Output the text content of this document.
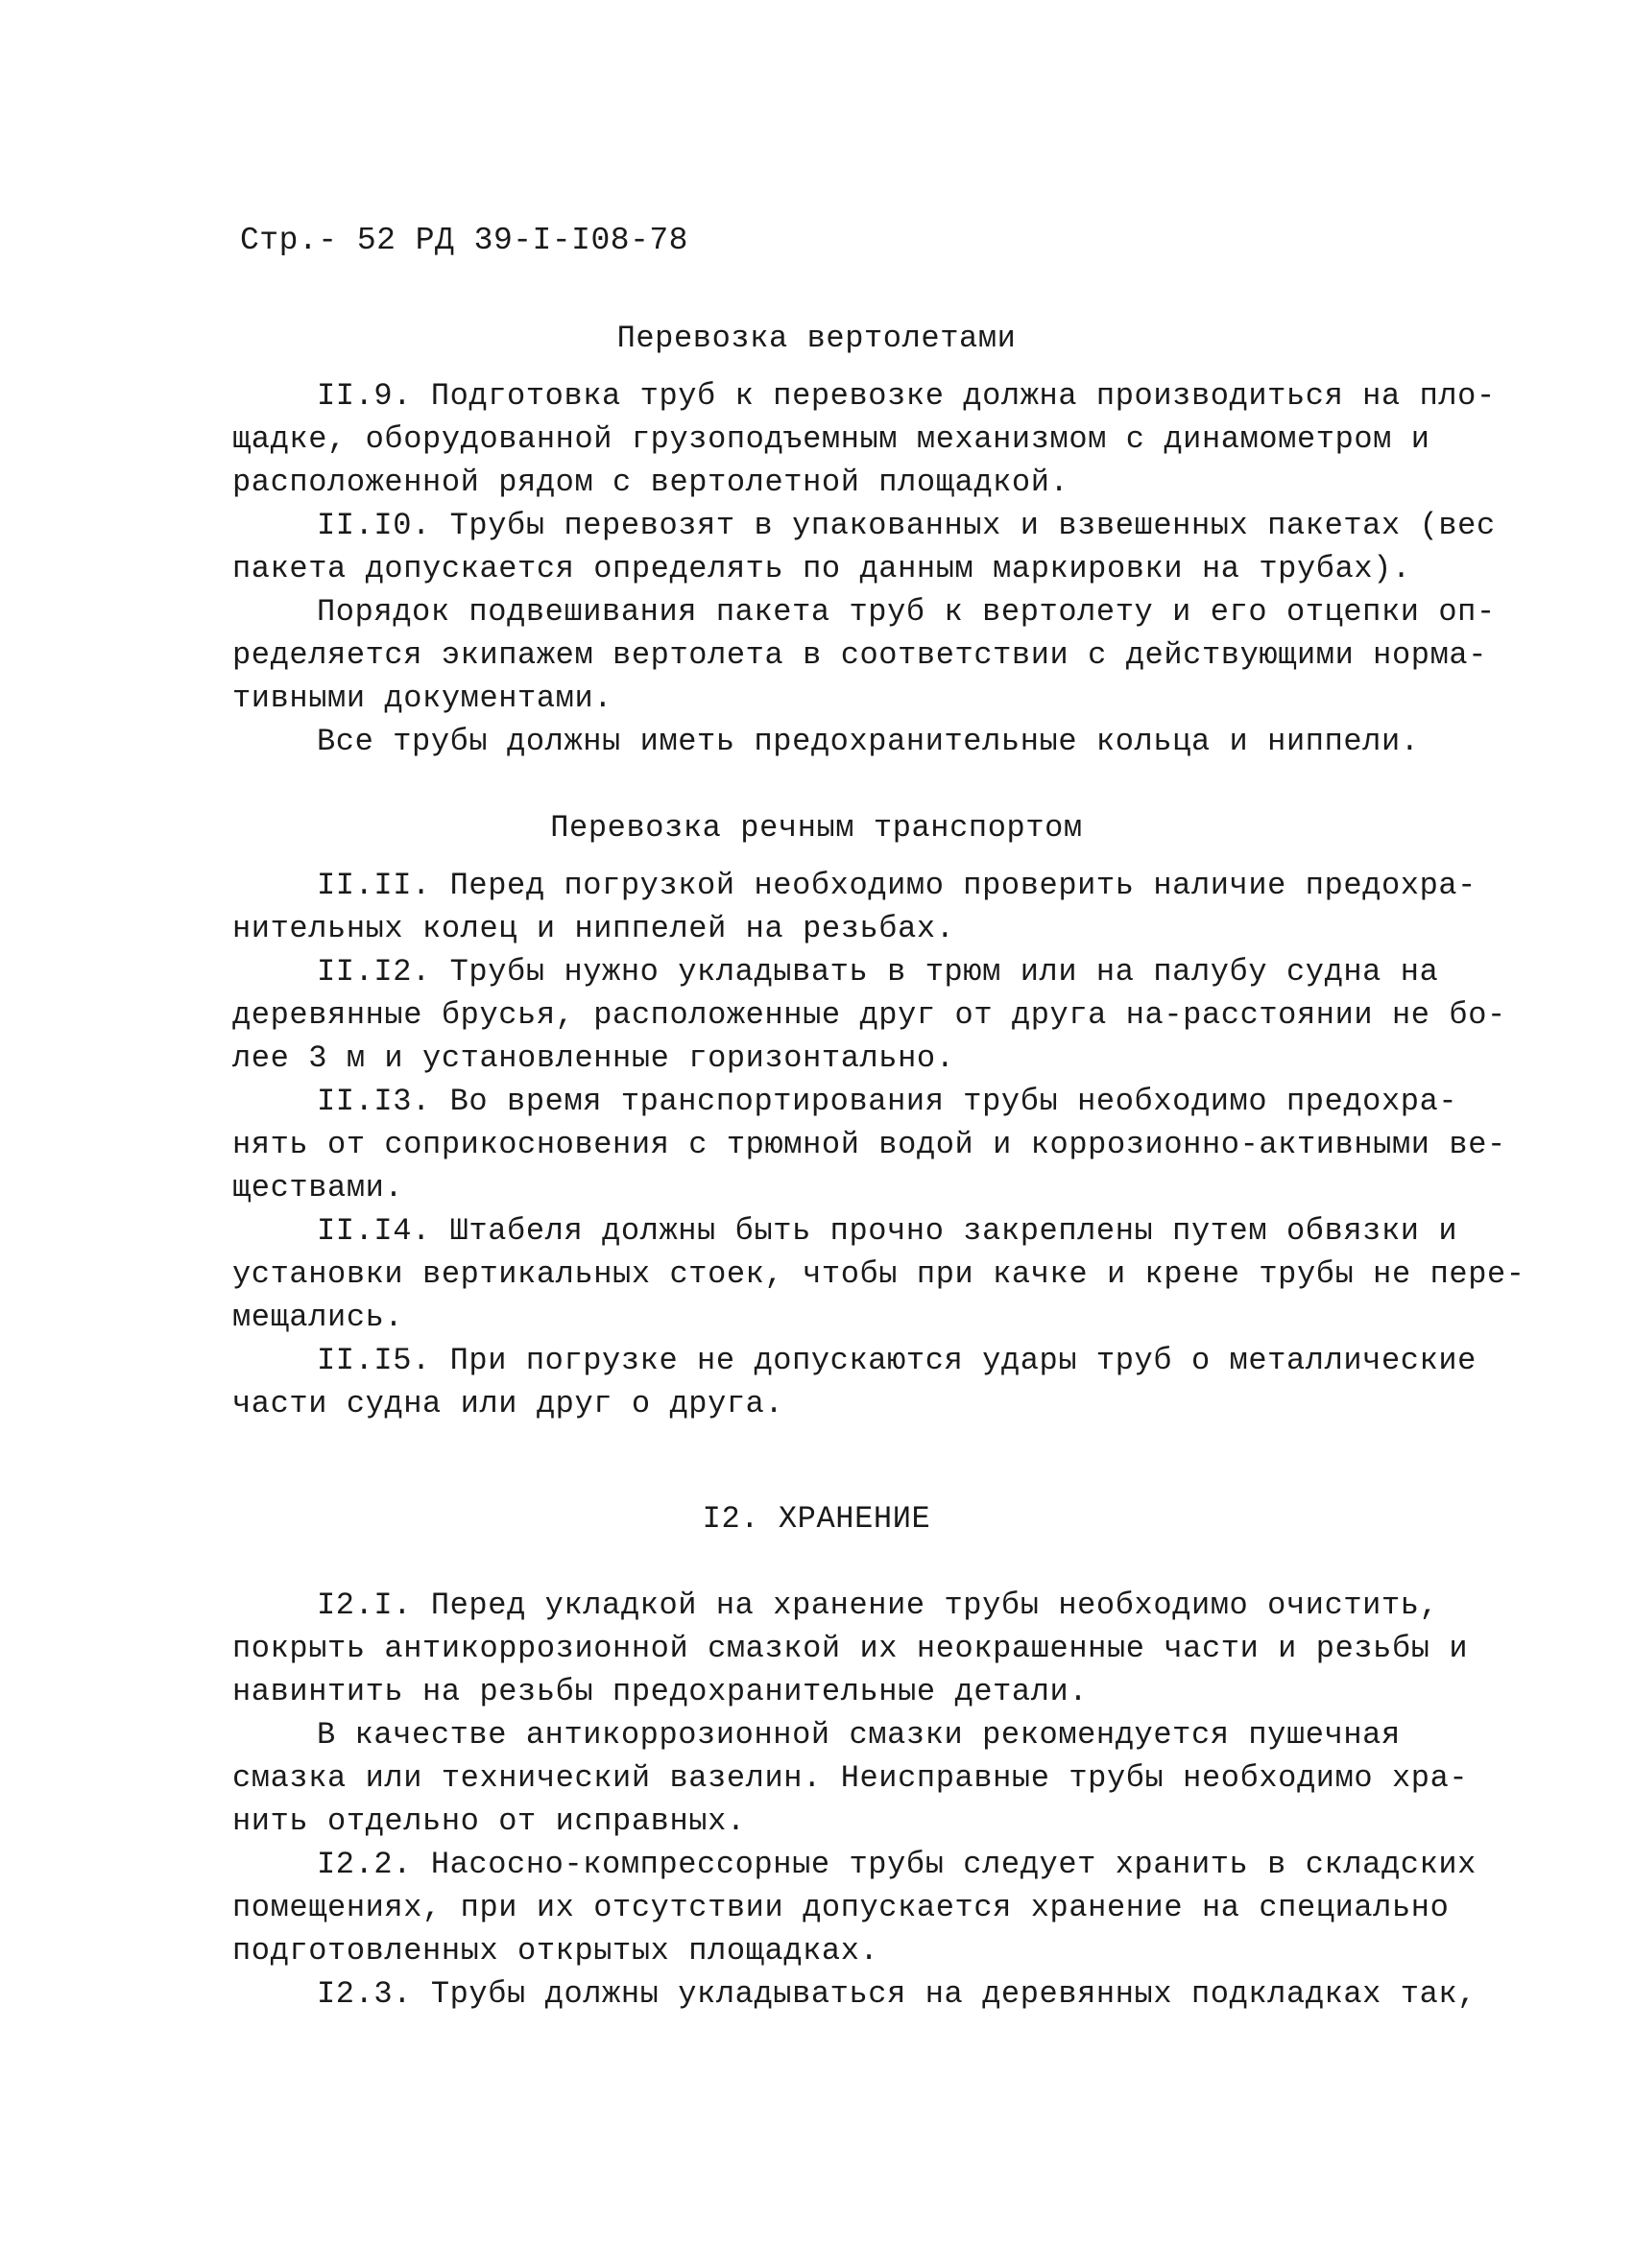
Стр.- 52 РД 39-I-I08-78
Перевозка вертолетами
II.9. Подготовка труб к перевозке должна производиться на пло-
щадке, оборудованной грузоподъемным механизмом с динамометром и
расположенной рядом с вертолетной площадкой.
II.I0. Трубы перевозят в упакованных и взвешенных пакетах (вес
пакета допускается определять по данным маркировки на трубах).
Порядок подвешивания пакета труб к вертолету и его отцепки оп-
ределяется экипажем вертолета в соответствии с действующими норма-
тивными документами.
Все трубы должны иметь предохранительные кольца и ниппели.
Перевозка речным транспортом
II.II. Перед погрузкой необходимо проверить наличие предохра-
нительных колец и ниппелей на резьбах.
II.I2. Трубы нужно укладывать в трюм или на палубу судна на
деревянные брусья, расположенные друг от друга на-расстоянии не бо-
лее 3 м и установленные горизонтально.
II.I3. Во время транспортирования трубы необходимо предохра-
нять от соприкосновения с трюмной водой и коррозионно-активными ве-
ществами.
II.I4. Штабеля должны быть прочно закреплены путем обвязки и
установки вертикальных стоек, чтобы при качке и крене трубы не пере-
мещались.
II.I5. При погрузке не допускаются удары труб о металлические
части судна или друг о друга.
I2. ХРАНЕНИЕ
I2.I. Перед укладкой на хранение трубы необходимо очистить,
покрыть антикоррозионной смазкой их неокрашенные части и резьбы и
навинтить на резьбы предохранительные детали.
В качестве антикоррозионной смазки рекомендуется пушечная
смазка или технический вазелин. Неисправные трубы необходимо хра-
нить отдельно от исправных.
I2.2. Насосно-компрессорные трубы следует хранить в складских
помещениях, при их отсутствии допускается хранение на специально
подготовленных открытых площадках.
I2.3. Трубы должны укладываться на деревянных подкладках так,
